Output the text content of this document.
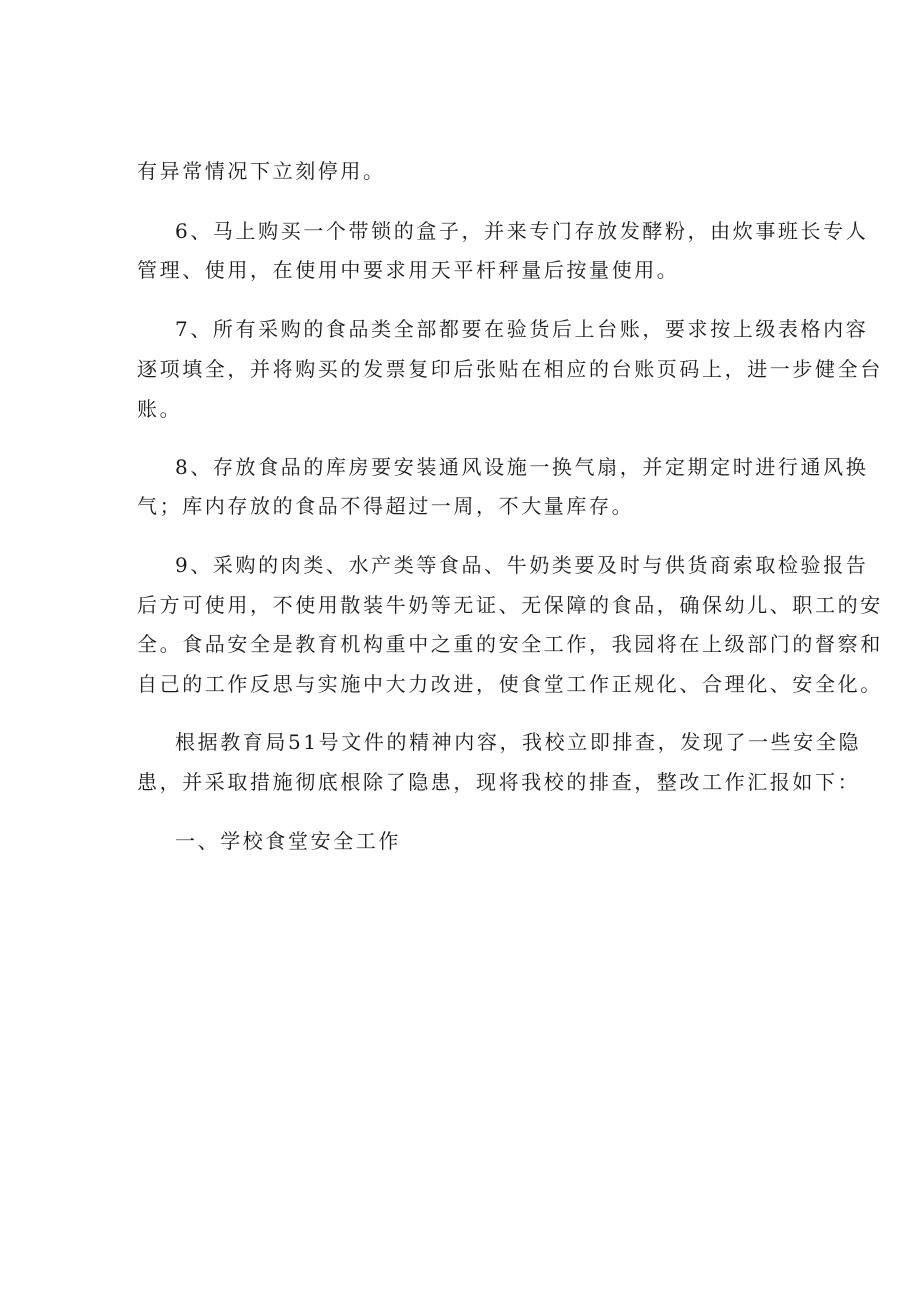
有异常情况下立刻停用。
6、马上购买一个带锁的盒子，并来专门存放发酵粉，由炊事班长专人
管理、使用，在使用中要求用天平杆秤量后按量使用。
7、所有采购的食品类全部都要在验货后上台账，要求按上级表格内容
逐项填全，并将购买的发票复印后张贴在相应的台账页码上，进一步健全台
账。
8、存放食品的库房要安装通风设施一换气扇，并定期定时进行通风换
气；库内存放的食品不得超过一周，不大量库存。
9、采购的肉类、水产类等食品、牛奶类要及时与供货商索取检验报告
后方可使用，不使用散装牛奶等无证、无保障的食品，确保幼儿、职工的安
全。食品安全是教育机构重中之重的安全工作，我园将在上级部门的督察和
自己的工作反思与实施中大力改进，使食堂工作正规化、合理化、安全化。
根据教育局51号文件的精神内容，我校立即排查，发现了一些安全隐
患，并采取措施彻底根除了隐患，现将我校的排查，整改工作汇报如下：
一、学校食堂安全工作
